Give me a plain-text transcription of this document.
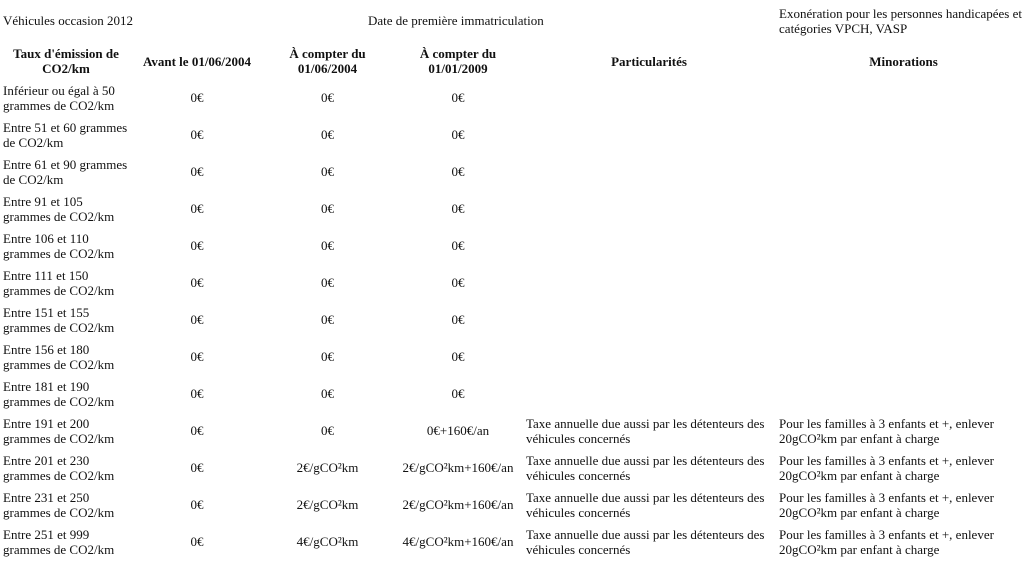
Véhicules occasion 2012		Date de première immatriculation			Exonération pour les personnes handicapées et catégories VPCH, VASP
Taux d'émission de CO2/km	Avant le 01/06/2004	À compter du 01/06/2004	À compter du 01/01/2009	Particularités	Minorations
Inférieur ou égal à 50 grammes de CO2/km	0€	0€	0€		
Entre 51 et 60 grammes de CO2/km	0€	0€	0€		
Entre 61 et 90 grammes de CO2/km	0€	0€	0€		
Entre 91 et 105 grammes de CO2/km	0€	0€	0€		
Entre 106 et 110 grammes de CO2/km	0€	0€	0€		
Entre 111 et 150 grammes de CO2/km	0€	0€	0€		
Entre 151 et 155 grammes de CO2/km	0€	0€	0€		
Entre 156 et 180 grammes de CO2/km	0€	0€	0€		
Entre 181 et 190 grammes de CO2/km	0€	0€	0€		
Entre 191 et 200 grammes de CO2/km	0€	0€	0€+160€/an	Taxe annuelle due aussi par les détenteurs des véhicules concernés	Pour les familles à 3 enfants et +, enlever 20gCO²km par enfant à charge
Entre 201 et 230 grammes de CO2/km	0€	2€/gCO²km	2€/gCO²km+160€/an	Taxe annuelle due aussi par les détenteurs des véhicules concernés	Pour les familles à 3 enfants et +, enlever 20gCO²km par enfant à charge
Entre 231 et 250 grammes de CO2/km	0€	2€/gCO²km	2€/gCO²km+160€/an	Taxe annuelle due aussi par les détenteurs des véhicules concernés	Pour les familles à 3 enfants et +, enlever 20gCO²km par enfant à charge
Entre 251 et 999 grammes de CO2/km	0€	4€/gCO²km	4€/gCO²km+160€/an	Taxe annuelle due aussi par les détenteurs des véhicules concernés	Pour les familles à 3 enfants et +, enlever 20gCO²km par enfant à charge
